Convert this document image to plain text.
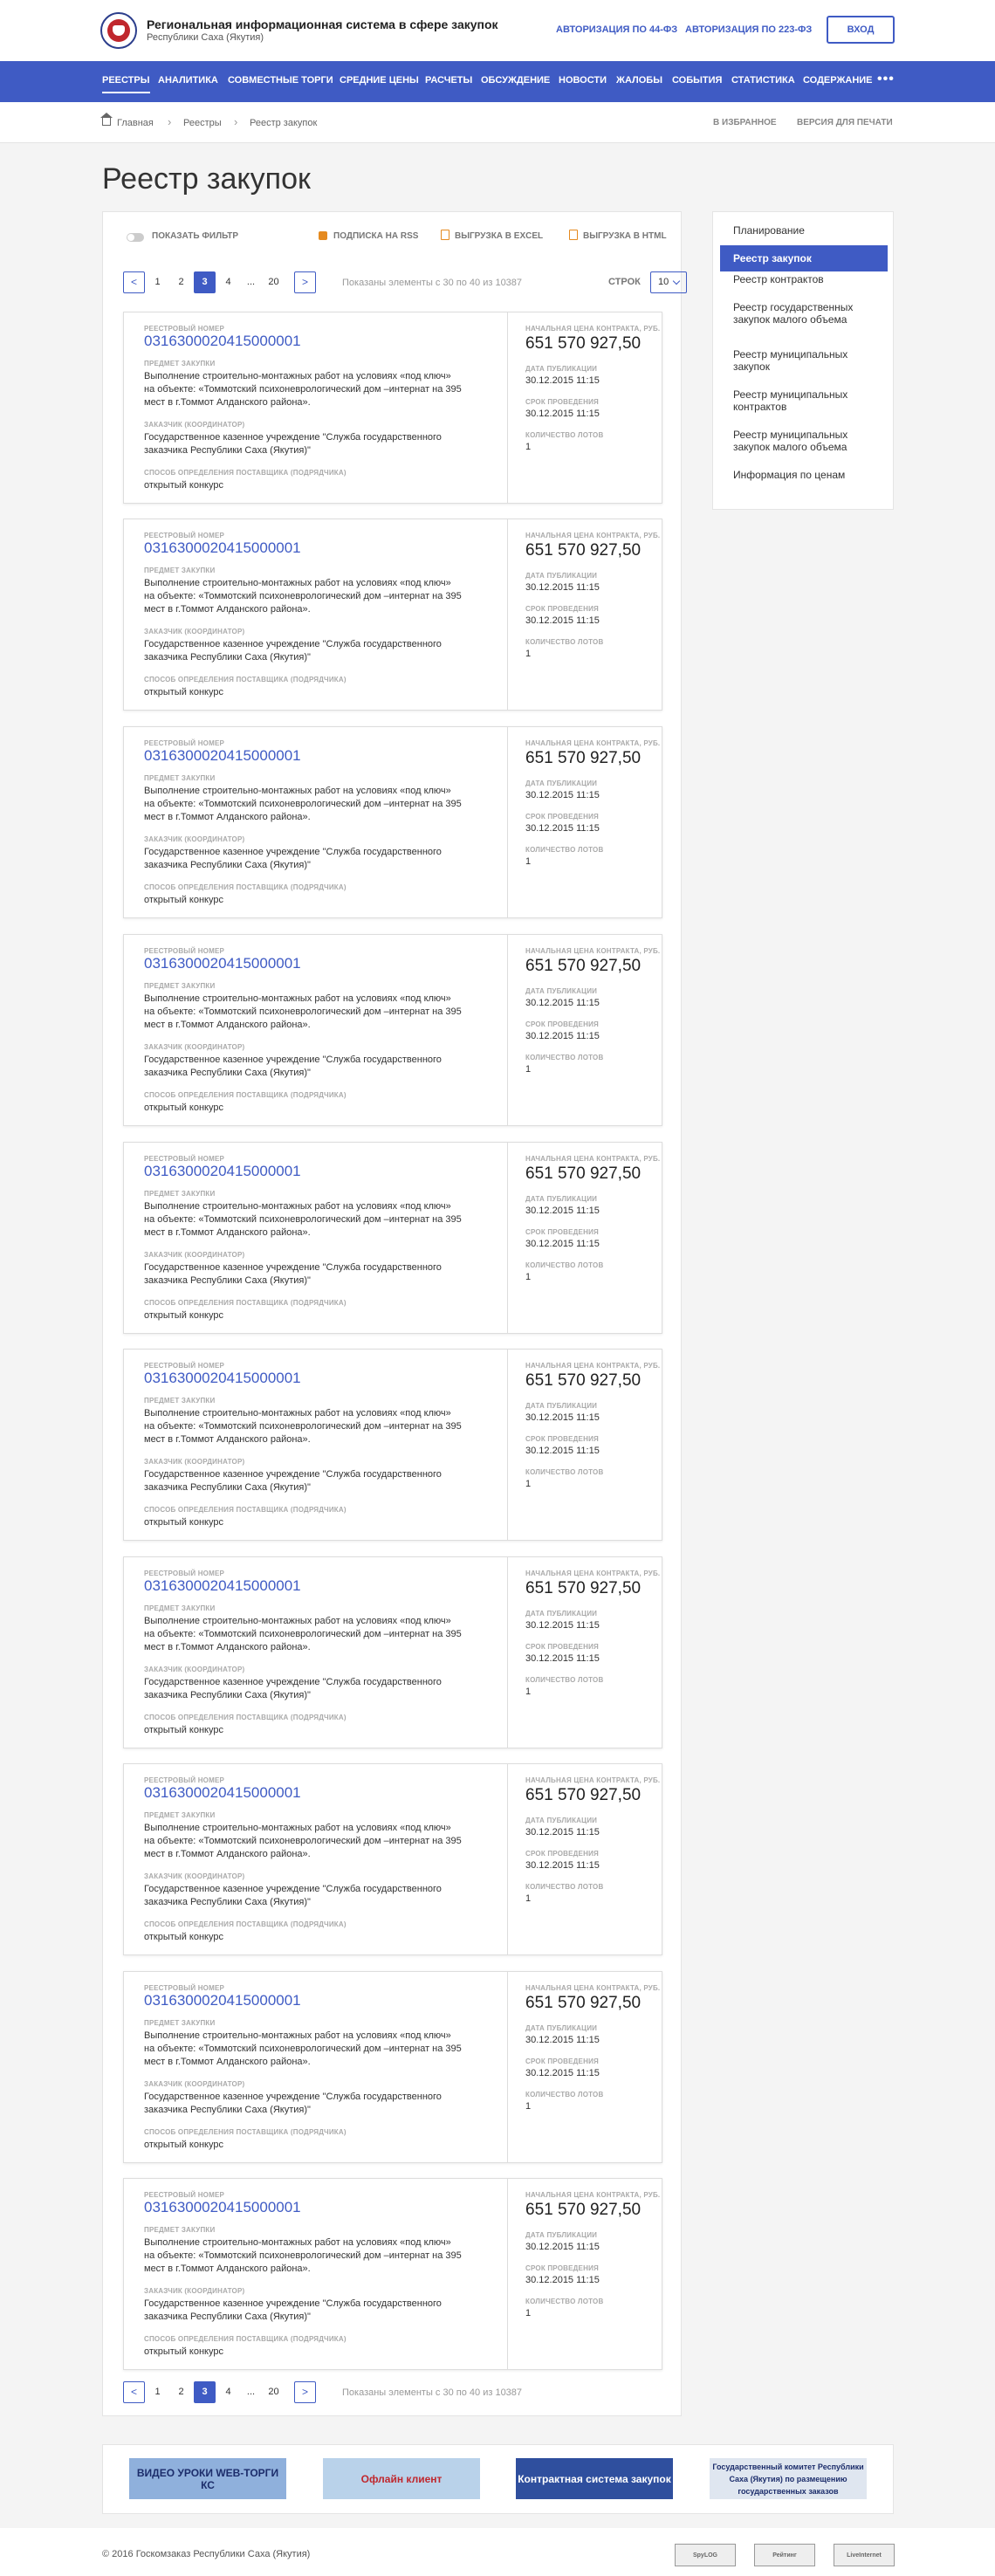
Региональная информационная система в сфере закупок
Республики Саха (Якутия)
АВТОРИЗАЦИЯ ПО 44-ФЗ АВТОРИЗАЦИЯ ПО 223-ФЗ	ВХОД
РЕЕСТРЫ АНАЛИТИКА СОВМЕСТНЫЕ ТОРГИ СРЕДНИЕ ЦЕНЫ РАСЧЕТЫ ОБСУЖДЕНИЕ НОВОСТИ ЖАЛОБЫ СОБЫТИЯ СТАТИСТИКА СОДЕРЖАНИЕ •••
Главная › Реестры › Реестр закупок	В ИЗБРАННОЕ ВЕРСИЯ ДЛЯ ПЕЧАТИ
Реестр закупок
ПОКАЗАТЬ ФИЛЬТР	ПОДПИСКА НА RSS	ВЫГРУЗКА В EXCEL	ВЫГРУЗКА В HTML
<	1	2	3	4	...	20	>	Показаны элементы с 30 по 40 из 10387	СТРОК	10
РЕЕСТРОВЫЙ НОМЕР
0316300020415000001
ПРЕДМЕТ ЗАКУПКИ
Выполнение строительно-монтажных работ на условиях «под ключ»
на объекте: «Томмотский психоневрологический дом –интернат на 395
мест в г.Томмот Алданского района».
ЗАКАЗЧИК (КООРДИНАТОР)
Государственное казенное учреждение "Служба государственного
заказчика Республики Саха (Якутия)"
СПОСОБ ОПРЕДЕЛЕНИЯ ПОСТАВЩИКА (ПОДРЯДЧИКА)
открытый конкурс
НАЧАЛЬНАЯ ЦЕНА КОНТРАКТА, РУБ.
651 570 927,50
ДАТА ПУБЛИКАЦИИ
30.12.2015 11:15
СРОК ПРОВЕДЕНИЯ
30.12.2015 11:15
КОЛИЧЕСТВО ЛОТОВ
1
РЕЕСТРОВЫЙ НОМЕР
0316300020415000001
ПРЕДМЕТ ЗАКУПКИ
Выполнение строительно-монтажных работ на условиях «под ключ»
на объекте: «Томмотский психоневрологический дом –интернат на 395
мест в г.Томмот Алданского района».
ЗАКАЗЧИК (КООРДИНАТОР)
Государственное казенное учреждение "Служба государственного
заказчика Республики Саха (Якутия)"
СПОСОБ ОПРЕДЕЛЕНИЯ ПОСТАВЩИКА (ПОДРЯДЧИКА)
открытый конкурс
НАЧАЛЬНАЯ ЦЕНА КОНТРАКТА, РУБ.
651 570 927,50
ДАТА ПУБЛИКАЦИИ
30.12.2015 11:15
СРОК ПРОВЕДЕНИЯ
30.12.2015 11:15
КОЛИЧЕСТВО ЛОТОВ
1
РЕЕСТРОВЫЙ НОМЕР
0316300020415000001
ПРЕДМЕТ ЗАКУПКИ
Выполнение строительно-монтажных работ на условиях «под ключ»
на объекте: «Томмотский психоневрологический дом –интернат на 395
мест в г.Томмот Алданского района».
ЗАКАЗЧИК (КООРДИНАТОР)
Государственное казенное учреждение "Служба государственного
заказчика Республики Саха (Якутия)"
СПОСОБ ОПРЕДЕЛЕНИЯ ПОСТАВЩИКА (ПОДРЯДЧИКА)
открытый конкурс
НАЧАЛЬНАЯ ЦЕНА КОНТРАКТА, РУБ.
651 570 927,50
ДАТА ПУБЛИКАЦИИ
30.12.2015 11:15
СРОК ПРОВЕДЕНИЯ
30.12.2015 11:15
КОЛИЧЕСТВО ЛОТОВ
1
РЕЕСТРОВЫЙ НОМЕР
0316300020415000001
ПРЕДМЕТ ЗАКУПКИ
Выполнение строительно-монтажных работ на условиях «под ключ»
на объекте: «Томмотский психоневрологический дом –интернат на 395
мест в г.Томмот Алданского района».
ЗАКАЗЧИК (КООРДИНАТОР)
Государственное казенное учреждение "Служба государственного
заказчика Республики Саха (Якутия)"
СПОСОБ ОПРЕДЕЛЕНИЯ ПОСТАВЩИКА (ПОДРЯДЧИКА)
открытый конкурс
НАЧАЛЬНАЯ ЦЕНА КОНТРАКТА, РУБ.
651 570 927,50
ДАТА ПУБЛИКАЦИИ
30.12.2015 11:15
СРОК ПРОВЕДЕНИЯ
30.12.2015 11:15
КОЛИЧЕСТВО ЛОТОВ
1
РЕЕСТРОВЫЙ НОМЕР
0316300020415000001
ПРЕДМЕТ ЗАКУПКИ
Выполнение строительно-монтажных работ на условиях «под ключ»
на объекте: «Томмотский психоневрологический дом –интернат на 395
мест в г.Томмот Алданского района».
ЗАКАЗЧИК (КООРДИНАТОР)
Государственное казенное учреждение "Служба государственного
заказчика Республики Саха (Якутия)"
СПОСОБ ОПРЕДЕЛЕНИЯ ПОСТАВЩИКА (ПОДРЯДЧИКА)
открытый конкурс
НАЧАЛЬНАЯ ЦЕНА КОНТРАКТА, РУБ.
651 570 927,50
ДАТА ПУБЛИКАЦИИ
30.12.2015 11:15
СРОК ПРОВЕДЕНИЯ
30.12.2015 11:15
КОЛИЧЕСТВО ЛОТОВ
1
РЕЕСТРОВЫЙ НОМЕР
0316300020415000001
ПРЕДМЕТ ЗАКУПКИ
Выполнение строительно-монтажных работ на условиях «под ключ»
на объекте: «Томмотский психоневрологический дом –интернат на 395
мест в г.Томмот Алданского района».
ЗАКАЗЧИК (КООРДИНАТОР)
Государственное казенное учреждение "Служба государственного
заказчика Республики Саха (Якутия)"
СПОСОБ ОПРЕДЕЛЕНИЯ ПОСТАВЩИКА (ПОДРЯДЧИКА)
открытый конкурс
НАЧАЛЬНАЯ ЦЕНА КОНТРАКТА, РУБ.
651 570 927,50
ДАТА ПУБЛИКАЦИИ
30.12.2015 11:15
СРОК ПРОВЕДЕНИЯ
30.12.2015 11:15
КОЛИЧЕСТВО ЛОТОВ
1
РЕЕСТРОВЫЙ НОМЕР
0316300020415000001
ПРЕДМЕТ ЗАКУПКИ
Выполнение строительно-монтажных работ на условиях «под ключ»
на объекте: «Томмотский психоневрологический дом –интернат на 395
мест в г.Томмот Алданского района».
ЗАКАЗЧИК (КООРДИНАТОР)
Государственное казенное учреждение "Служба государственного
заказчика Республики Саха (Якутия)"
СПОСОБ ОПРЕДЕЛЕНИЯ ПОСТАВЩИКА (ПОДРЯДЧИКА)
открытый конкурс
НАЧАЛЬНАЯ ЦЕНА КОНТРАКТА, РУБ.
651 570 927,50
ДАТА ПУБЛИКАЦИИ
30.12.2015 11:15
СРОК ПРОВЕДЕНИЯ
30.12.2015 11:15
КОЛИЧЕСТВО ЛОТОВ
1
РЕЕСТРОВЫЙ НОМЕР
0316300020415000001
ПРЕДМЕТ ЗАКУПКИ
Выполнение строительно-монтажных работ на условиях «под ключ»
на объекте: «Томмотский психоневрологический дом –интернат на 395
мест в г.Томмот Алданского района».
ЗАКАЗЧИК (КООРДИНАТОР)
Государственное казенное учреждение "Служба государственного
заказчика Республики Саха (Якутия)"
СПОСОБ ОПРЕДЕЛЕНИЯ ПОСТАВЩИКА (ПОДРЯДЧИКА)
открытый конкурс
НАЧАЛЬНАЯ ЦЕНА КОНТРАКТА, РУБ.
651 570 927,50
ДАТА ПУБЛИКАЦИИ
30.12.2015 11:15
СРОК ПРОВЕДЕНИЯ
30.12.2015 11:15
КОЛИЧЕСТВО ЛОТОВ
1
РЕЕСТРОВЫЙ НОМЕР
0316300020415000001
ПРЕДМЕТ ЗАКУПКИ
Выполнение строительно-монтажных работ на условиях «под ключ»
на объекте: «Томмотский психоневрологический дом –интернат на 395
мест в г.Томмот Алданского района».
ЗАКАЗЧИК (КООРДИНАТОР)
Государственное казенное учреждение "Служба государственного
заказчика Республики Саха (Якутия)"
СПОСОБ ОПРЕДЕЛЕНИЯ ПОСТАВЩИКА (ПОДРЯДЧИКА)
открытый конкурс
НАЧАЛЬНАЯ ЦЕНА КОНТРАКТА, РУБ.
651 570 927,50
ДАТА ПУБЛИКАЦИИ
30.12.2015 11:15
СРОК ПРОВЕДЕНИЯ
30.12.2015 11:15
КОЛИЧЕСТВО ЛОТОВ
1
РЕЕСТРОВЫЙ НОМЕР
0316300020415000001
ПРЕДМЕТ ЗАКУПКИ
Выполнение строительно-монтажных работ на условиях «под ключ»
на объекте: «Томмотский психоневрологический дом –интернат на 395
мест в г.Томмот Алданского района».
ЗАКАЗЧИК (КООРДИНАТОР)
Государственное казенное учреждение "Служба государственного
заказчика Республики Саха (Якутия)"
СПОСОБ ОПРЕДЕЛЕНИЯ ПОСТАВЩИКА (ПОДРЯДЧИКА)
открытый конкурс
НАЧАЛЬНАЯ ЦЕНА КОНТРАКТА, РУБ.
651 570 927,50
ДАТА ПУБЛИКАЦИИ
30.12.2015 11:15
СРОК ПРОВЕДЕНИЯ
30.12.2015 11:15
КОЛИЧЕСТВО ЛОТОВ
1
<	1	2	3	4	...	20	>	Показаны элементы с 30 по 40 из 10387
Планирование
Реестр закупок
Реестр контрактов
Реестр государственных закупок малого объема
Реестр муниципальных закупок
Реестр муниципальных контрактов
Реестр муниципальных закупок малого объема
Информация по ценам
ВИДЕО УРОКИ WEB-ТОРГИ КС	Офлайн клиент	Контрактная система закупок
Государственный комитет Республики Саха (Якутия) по размещению государственных заказов
© 2016 Госкомзаказ Республики Саха (Якутия)	SpyLOG	Рейтинг	LiveInternet
